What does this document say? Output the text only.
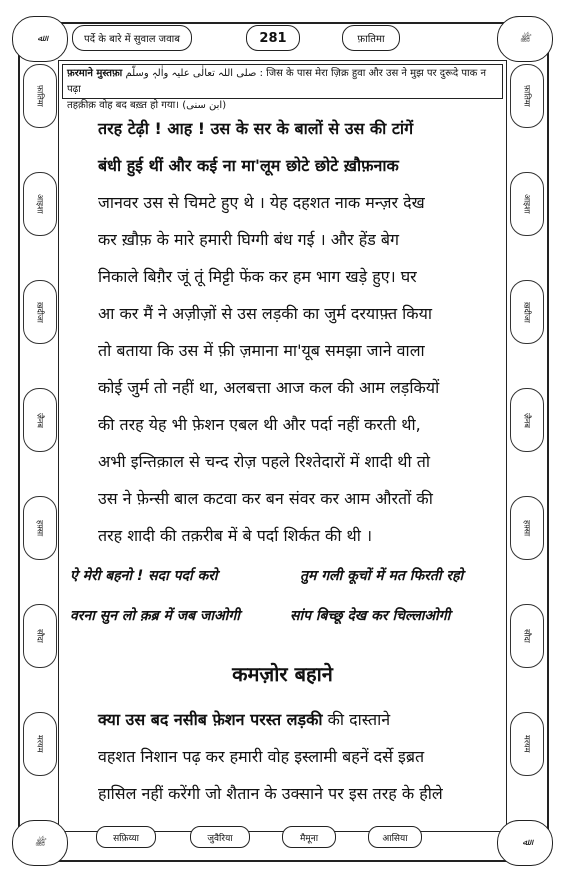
ﷲ	ﷺ
ﷺ	ﷲ
फ़ातिमा
आइशा
ख़दीजा
ज़ैनब
हफ़्सा
सौदा
मरयम
फ़ातिमा
आइशा
ख़दीजा
ज़ैनब
हफ़्सा
सौदा
मरयम
पर्दे के बारे में सुवाल जवाब	281	फ़ातिमा
फ़रमाने मुस्तफ़ा صلی اللہ تعالٰی علیہ واٰلہٖ وسلّم : जिस के पास मेरा ज़िक्र हुवा और उस ने मुझ पर दुरूदे पाक न पढ़ा
तहक़ीक़ वोह बद बख़्त हो गया। (ابن سنی)
तरह टेढ़ी ! आह ! उस के सर के बालों से उस की टांगें
बंधी हुई थीं और कई ना मा'लूम छोटे छोटे ख़ौफ़नाक
जानवर उस से चिमटे हुए थे । येह दहशत नाक मन्ज़र देख
कर ख़ौफ़ के मारे हमारी घिग्गी बंध गई । और हेंड बेग
निकाले बिग़ैर जूं तूं मिट्टी फेंक कर हम भाग खड़े हुए। घर
आ कर मैं ने अज़ीज़ों से उस लड़की का जुर्म दरयाफ़्त किया
तो बताया कि उस में फ़ी ज़माना मा'यूब समझा जाने वाला
कोई जुर्म तो नहीं था, अलबत्ता आज कल की आम लड़कियों
की तरह येह भी फ़ेशन एबल थी और पर्दा नहीं करती थी,
अभी इन्तिक़ाल से चन्द रोज़ पहले रिश्तेदारों में शादी थी तो
उस ने फ़ेन्सी बाल कटवा कर बन संवर कर आम औरतों की
तरह शादी की तक़रीब में बे पर्दा शिर्कत की थी ।
ऐ मेरी बहनो ! सदा पर्दा करो	तुम गली कूचों में मत फिरती रहो
वरना सुन लो क़ब्र में जब जाओगी	सांप बिच्छू देख कर चिल्लाओगी
कमज़ोर बहाने
क्या उस बद नसीब फ़ेशन परस्त लड़की की दास्ताने
वहशत निशान पढ़ कर हमारी वोह इस्लामी बहनें दर्से इब्रत
हासिल नहीं करेंगी जो शैतान के उक्साने पर इस तरह के हीले
सफ़िय्या	जुवैरिया	मैमूना	आसिया
